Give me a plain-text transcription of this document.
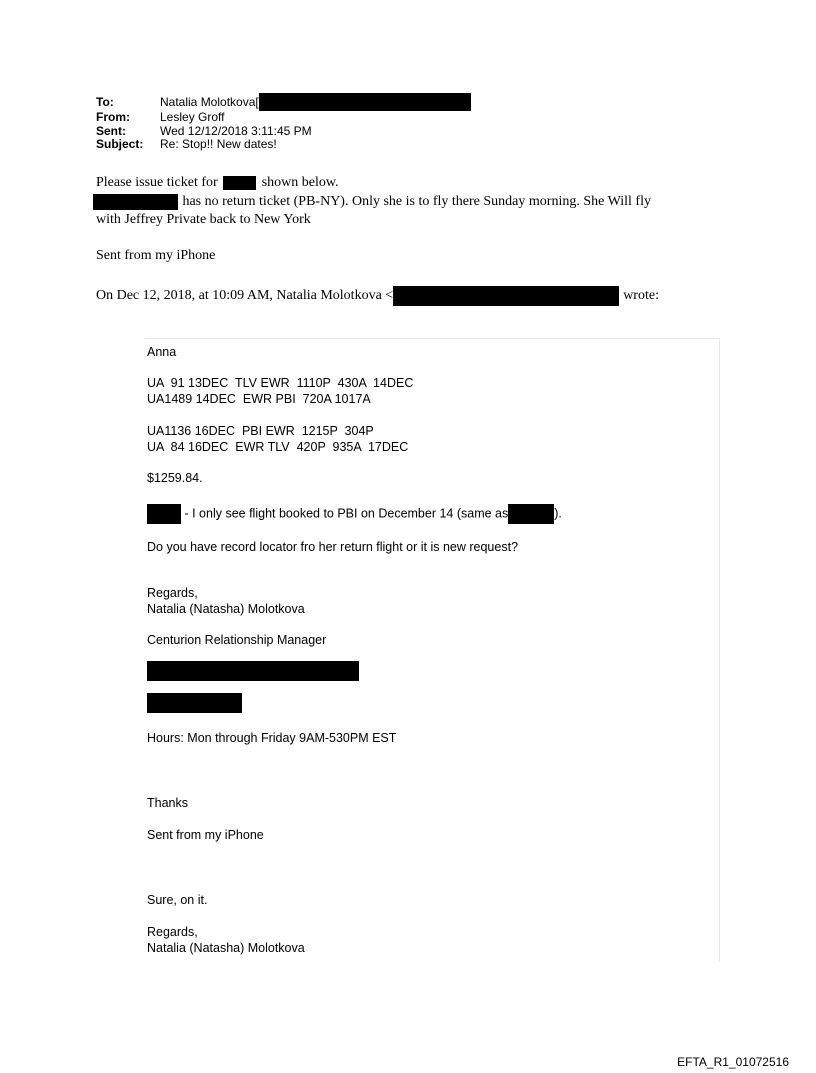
To:	Natalia Molotkova[
From:	Lesley Groff
Sent:	Wed 12/12/2018 3:11:45 PM
Subject:	Re: Stop!! New dates!
Please issue ticket for	shown below.
has no return ticket (PB-NY). Only she is to fly there Sunday morning. She Will fly
with Jeffrey Private back to New York
Sent from my iPhone
On Dec 12, 2018, at 10:09 AM, Natalia Molotkova <	wrote:
Anna
UA  91 13DEC  TLV EWR  1110P  430A  14DEC
UA1489 14DEC  EWR PBI  720A 1017A
UA1136 16DEC  PBI EWR  1215P  304P
UA  84 16DEC  EWR TLV  420P  935A  17DEC
$1259.84.
- I only see flight booked to PBI on December 14 (same as	).
Do you have record locator fro her return flight or it is new request?
Regards,
Natalia (Natasha) Molotkova
Centurion Relationship Manager
Hours: Mon through Friday 9AM-530PM EST
Thanks
Sent from my iPhone
Sure, on it.
Regards,
Natalia (Natasha) Molotkova
EFTA_R1_01072516
